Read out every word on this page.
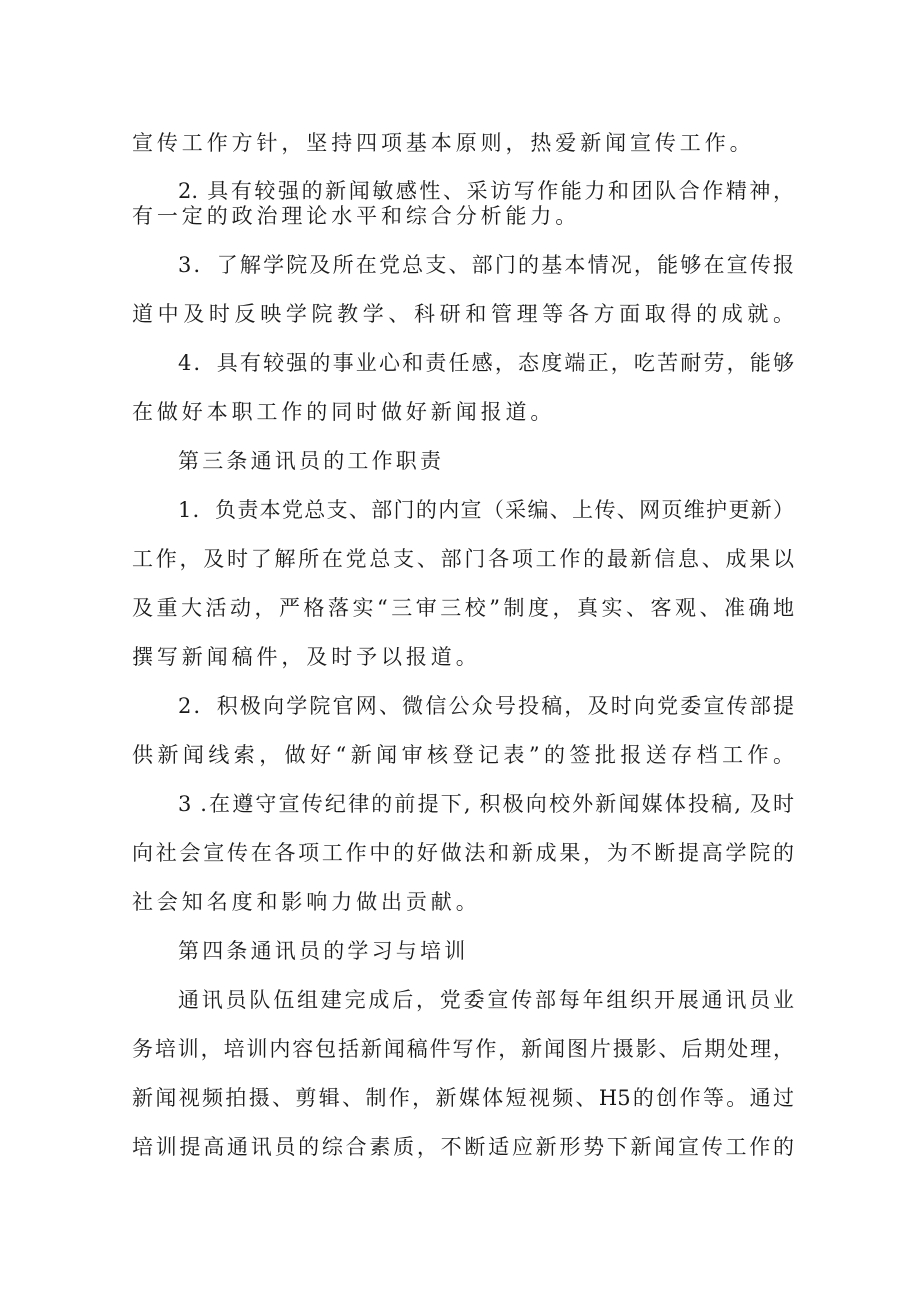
宣传工作方针，坚持四项基本原则，热爱新闻宣传工作。
2. 具有较强的新闻敏感性、采访写作能力和团队合作精神，
有一定的政治理论水平和综合分析能力。
3．了解学院及所在党总支、部门的基本情况，能够在宣传报
道中及时反映学院教学、科研和管理等各方面取得的成就。
4．具有较强的事业心和责任感，态度端正，吃苦耐劳，能够
在做好本职工作的同时做好新闻报道。
第三条通讯员的工作职责
1．负责本党总支、部门的内宣（采编、上传、网页维护更新）
工作，及时了解所在党总支、部门各项工作的最新信息、成果以
及重大活动，严格落实“三审三校”制度，真实、客观、准确地
撰写新闻稿件，及时予以报道。
2．积极向学院官网、微信公众号投稿，及时向党委宣传部提
供新闻线索，做好“新闻审核登记表”的签批报送存档工作。
3 .在遵守宣传纪律的前提下, 积极向校外新闻媒体投稿, 及时
向社会宣传在各项工作中的好做法和新成果，为不断提高学院的
社会知名度和影响力做出贡献。
第四条通讯员的学习与培训
通讯员队伍组建完成后，党委宣传部每年组织开展通讯员业
务培训，培训内容包括新闻稿件写作，新闻图片摄影、后期处理，
新闻视频拍摄、剪辑、制作，新媒体短视频、H5的创作等。通过
培训提高通讯员的综合素质，不断适应新形势下新闻宣传工作的
